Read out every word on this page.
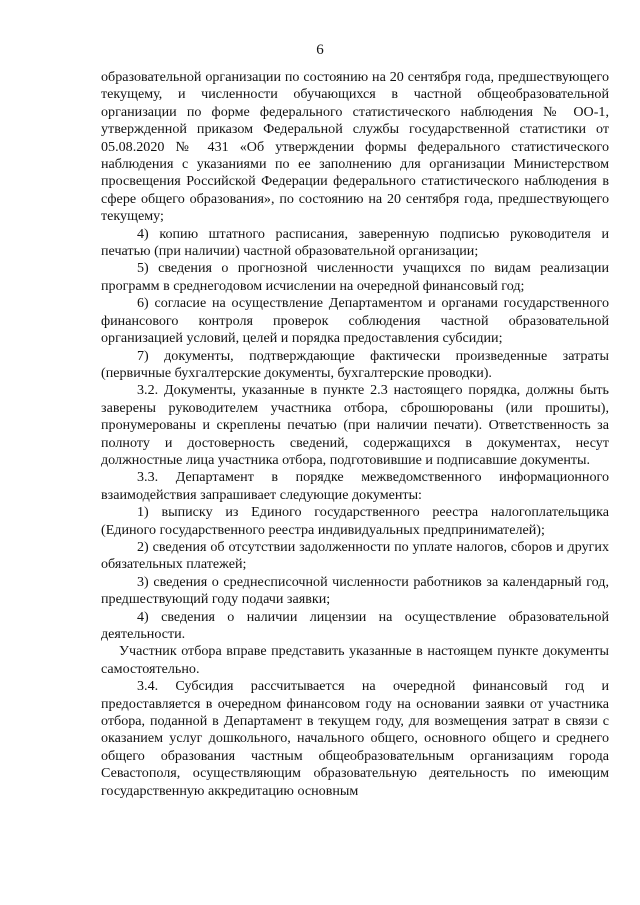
6

образовательной организации по состоянию на 20 сентября года, предшествующего текущему, и численности обучающихся в частной общеобразовательной организации по форме федерального статистического наблюдения № ОО-1, утвержденной приказом Федеральной службы государственной статистики от 05.08.2020 № 431 «Об утверждении формы федерального статистического наблюдения с указаниями по ее заполнению для организации Министерством просвещения Российской Федерации федерального статистического наблюдения в сфере общего образования», по состоянию на 20 сентября года, предшествующего текущему;

4) копию штатного расписания, заверенную подписью руководителя и печатью (при наличии) частной образовательной организации;

5) сведения о прогнозной численности учащихся по видам реализации программ в среднегодовом исчислении на очередной финансовый год;

6) согласие на осуществление Департаментом и органами государственного финансового контроля проверок соблюдения частной образовательной организацией условий, целей и порядка предоставления субсидии;

7) документы, подтверждающие фактически произведенные затраты (первичные бухгалтерские документы, бухгалтерские проводки).

3.2. Документы, указанные в пункте 2.3 настоящего порядка, должны быть заверены руководителем участника отбора, сброшюрованы (или прошиты), пронумерованы и скреплены печатью (при наличии печати). Ответственность за полноту и достоверность сведений, содержащихся в документах, несут должностные лица участника отбора, подготовившие и подписавшие документы.

3.3. Департамент в порядке межведомственного информационного взаимодействия запрашивает следующие документы:

1) выписку из Единого государственного реестра налогоплательщика (Единого государственного реестра индивидуальных предпринимателей);

2) сведения об отсутствии задолженности по уплате налогов, сборов и других обязательных платежей;

3) сведения о среднесписочной численности работников за календарный год, предшествующий году подачи заявки;

4) сведения о наличии лицензии на осуществление образовательной деятельности.

Участник отбора вправе представить указанные в настоящем пункте документы самостоятельно.

3.4. Субсидия рассчитывается на очередной финансовый год и предоставляется в очередном финансовом году на основании заявки от участника отбора, поданной в Департамент в текущем году, для возмещения затрат в связи с оказанием услуг дошкольного, начального общего, основного общего и среднего общего образования частным общеобразовательным организациям города Севастополя, осуществляющим образовательную деятельность по имеющим государственную аккредитацию основным
